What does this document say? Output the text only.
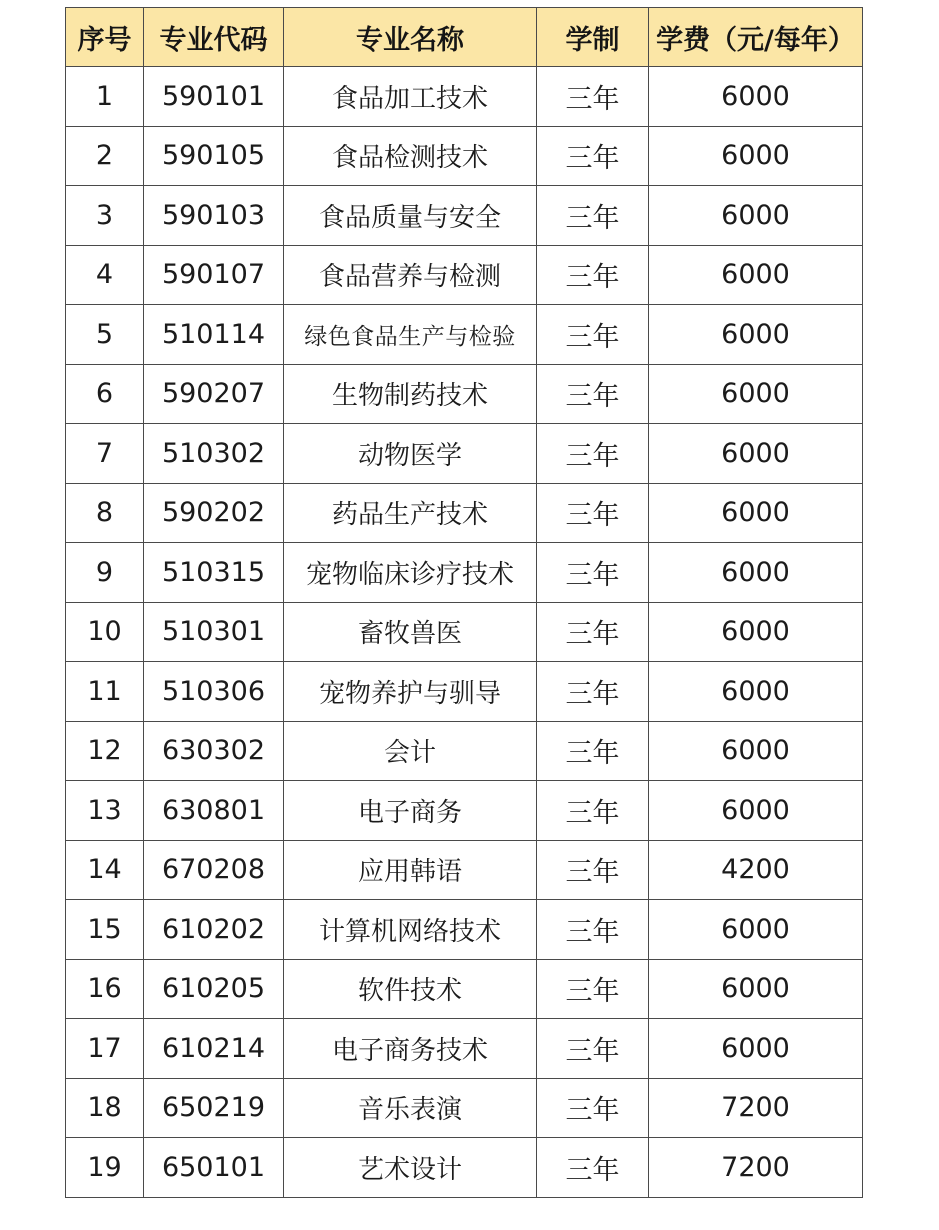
序号	专业代码	专业名称	学制	学费（元/每年）
1	590101	食品加工技术	三年	6000
2	590105	食品检测技术	三年	6000
3	590103	食品质量与安全	三年	6000
4	590107	食品营养与检测	三年	6000
5	510114	绿色食品生产与检验	三年	6000
6	590207	生物制药技术	三年	6000
7	510302	动物医学	三年	6000
8	590202	药品生产技术	三年	6000
9	510315	宠物临床诊疗技术	三年	6000
10	510301	畜牧兽医	三年	6000
11	510306	宠物养护与驯导	三年	6000
12	630302	会计	三年	6000
13	630801	电子商务	三年	6000
14	670208	应用韩语	三年	4200
15	610202	计算机网络技术	三年	6000
16	610205	软件技术	三年	6000
17	610214	电子商务技术	三年	6000
18	650219	音乐表演	三年	7200
19	650101	艺术设计	三年	7200
